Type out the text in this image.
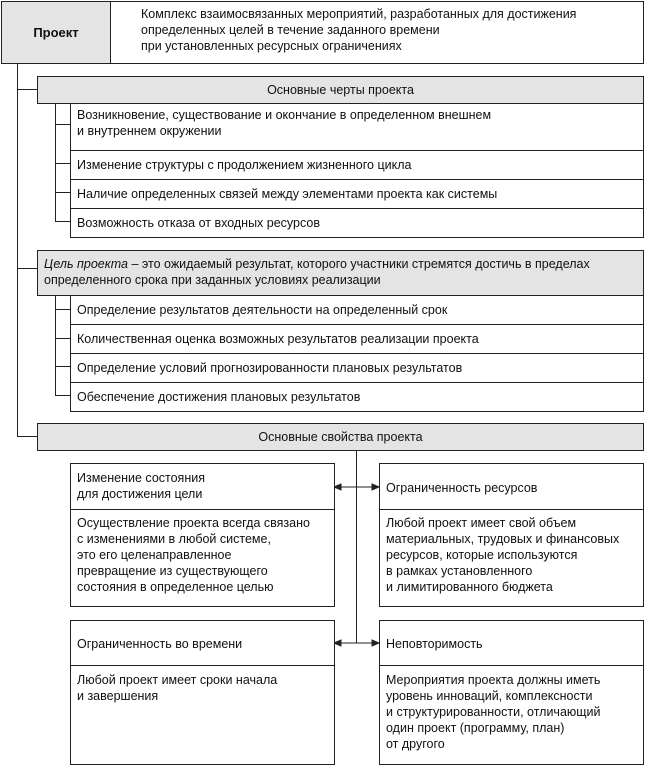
Проект
Комплекс взаимосвязанных мероприятий, разработанных для достижения
определенных целей в течение заданного времени
при установленных ресурсных ограничениях
Основные черты проекта
Возникновение, существование и окончание в определенном внешнем
и внутреннем окружении
Изменение структуры с продолжением жизненного цикла
Наличие определенных связей между элементами проекта как системы
Возможность отказа от входных ресурсов
Цель проекта – это ожидаемый результат, которого участники стремятся достичь в пределах
определенного срока при заданных условиях реализации
Определение результатов деятельности на определенный срок
Количественная оценка возможных результатов реализации проекта
Определение условий прогнозированности плановых результатов
Обеспечение достижения плановых результатов
Основные свойства проекта
Изменение состояния
для достижения цели
Осуществление проекта всегда связано
с изменениями в любой системе,
это его целенаправленное
превращение из существующего
состояния в определенное целью
Ограниченность ресурсов
Любой проект имеет свой объем
материальных, трудовых и финансовых
ресурсов, которые используются
в рамках установленного
и лимитированного бюджета
Ограниченность во времени
Любой проект имеет сроки начала
и завершения
Неповторимость
Мероприятия проекта должны иметь
уровень инноваций, комплексности
и структурированности, отличающий
один проект (программу, план)
от другого
